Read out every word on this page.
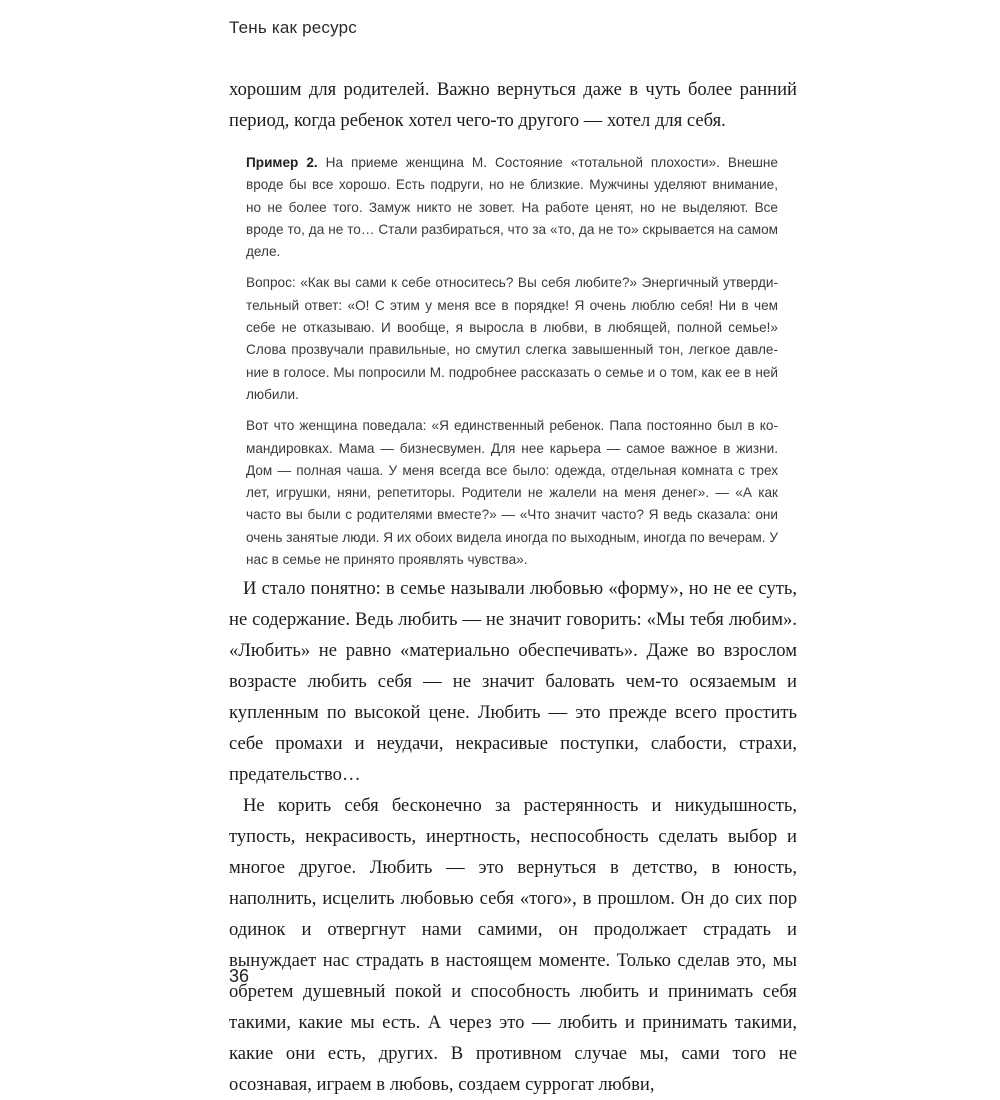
Тень как ресурс

хорошим для родителей. Важно вернуться даже в чуть более ранний период, когда ребенок хотел чего-то другого — хотел для себя.

Пример 2. На приеме женщина М. Состояние «тотальной плохости». Внешне вроде бы все хорошо. Есть подруги, но не близкие. Мужчины уделяют внимание, но не более того. Замуж никто не зовет. На работе ценят, но не выделяют. Все вроде то, да не то… Стали разбираться, что за «то, да не то» скрывается на самом деле.

Вопрос: «Как вы сами к себе относитесь? Вы себя любите?» Энергичный утвердительный ответ: «О! С этим у меня все в порядке! Я очень люблю себя! Ни в чем себе не отказываю. И вообще, я выросла в любви, в любящей, полной семье!» Слова прозвучали правильные, но смутил слегка завышенный тон, легкое давление в голосе. Мы попросили М. подробнее рассказать о семье и о том, как ее в ней любили.

Вот что женщина поведала: «Я единственный ребенок. Папа постоянно был в командировках. Мама — бизнесвумен. Для нее карьера — самое важное в жизни. Дом — полная чаша. У меня всегда все было: одежда, отдельная комната с трех лет, игрушки, няни, репетиторы. Родители не жалели на меня денег». — «А как часто вы были с родителями вместе?» — «Что значит часто? Я ведь сказала: они очень занятые люди. Я их обоих видела иногда по выходным, иногда по вечерам. У нас в семье не принято проявлять чувства».

И стало понятно: в семье называли любовью «форму», но не ее суть, не содержание. Ведь любить — не значит говорить: «Мы тебя любим». «Любить» не равно «материально обеспечивать». Даже во взрослом возрасте любить себя — не значит баловать чем-то осязаемым и купленным по высокой цене. Любить — это прежде всего простить себе промахи и неудачи, некрасивые поступки, слабости, страхи, предательство…

Не корить себя бесконечно за растерянность и никудышность, тупость, некрасивость, инертность, неспособность сделать выбор и многое другое. Любить — это вернуться в детство, в юность, наполнить, исцелить любовью себя «того», в прошлом. Он до сих пор одинок и отвергнут нами самими, он продолжает страдать и вынуждает нас страдать в настоящем моменте. Только сделав это, мы обретем душевный покой и способность любить и принимать себя такими, какие мы есть. А через это — любить и принимать такими, какие они есть, других. В противном случае мы, сами того не осознавая, играем в любовь, создаем суррогат любви,

36
